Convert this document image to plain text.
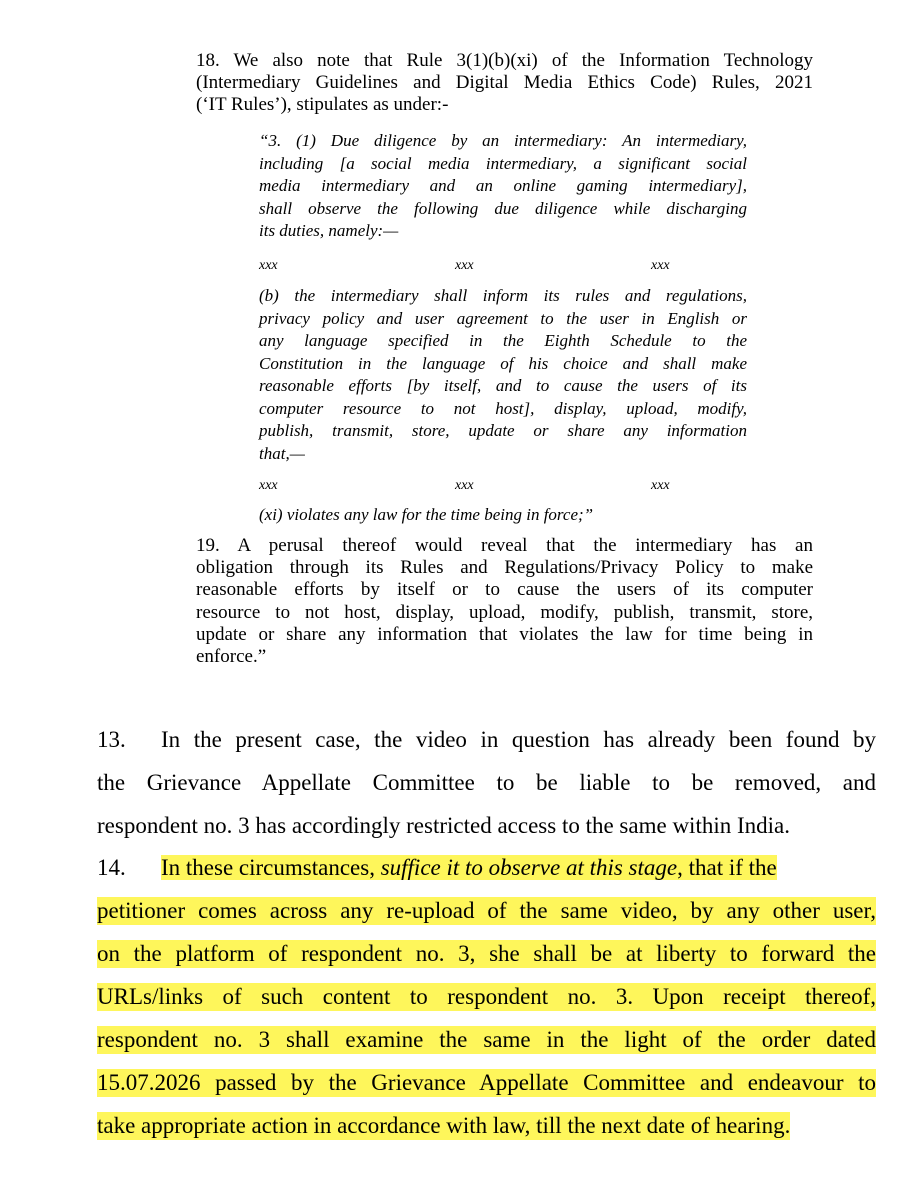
18. We also note that Rule 3(1)(b)(xi) of the Information Technology
(Intermediary Guidelines and Digital Media Ethics Code) Rules, 2021
(‘IT Rules’), stipulates as under:-
“3. (1) Due diligence by an intermediary: An intermediary,
including [a social media intermediary, a significant social
media intermediary and an online gaming intermediary],
shall observe the following due diligence while discharging
its duties, namely:—
xxx	xxx	xxx
(b) the intermediary shall inform its rules and regulations,
privacy policy and user agreement to the user in English or
any language specified in the Eighth Schedule to the
Constitution in the language of his choice and shall make
reasonable efforts [by itself, and to cause the users of its
computer resource to not host], display, upload, modify,
publish, transmit, store, update or share any information
that,—
xxx	xxx	xxx
(xi) violates any law for the time being in force;”
19. A perusal thereof would reveal that the intermediary has an
obligation through its Rules and Regulations/Privacy Policy to make
reasonable efforts by itself or to cause the users of its computer
resource to not host, display, upload, modify, publish, transmit, store,
update or share any information that violates the law for time being in
enforce.”
13. In the present case, the video in question has already been found by
the Grievance Appellate Committee to be liable to be removed, and
respondent no. 3 has accordingly restricted access to the same within India.
14. In these circumstances, suffice it to observe at this stage, that if the
petitioner comes across any re-upload of the same video, by any other user,
on the platform of respondent no. 3, she shall be at liberty to forward the
URLs/links of such content to respondent no. 3. Upon receipt thereof,
respondent no. 3 shall examine the same in the light of the order dated
15.07.2026 passed by the Grievance Appellate Committee and endeavour to
take appropriate action in accordance with law, till the next date of hearing.
